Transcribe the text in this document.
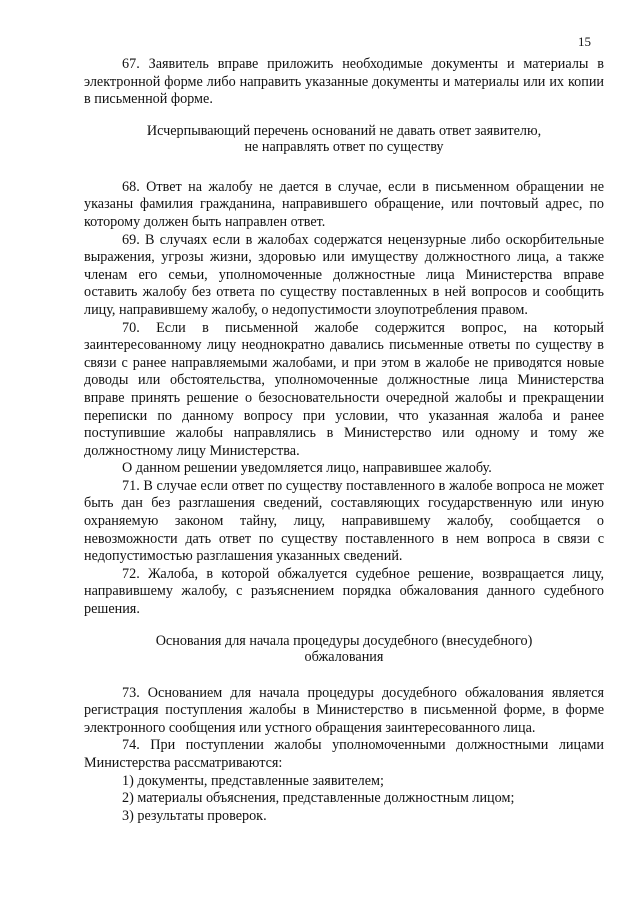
15

67. Заявитель вправе приложить необходимые документы и материалы в электронной форме либо направить указанные документы и материалы или их копии в письменной форме.

Исчерпывающий перечень оснований не давать ответ заявителю,
не направлять ответ по существу

68. Ответ на жалобу не дается в случае, если в письменном обращении не указаны фамилия гражданина, направившего обращение, или почтовый адрес, по которому должен быть направлен ответ.

69. В случаях если в жалобах содержатся нецензурные либо оскорбительные выражения, угрозы жизни, здоровью или имуществу должностного лица, а также членам его семьи, уполномоченные должностные лица Министерства вправе оставить жалобу без ответа по существу поставленных в ней вопросов и сообщить лицу, направившему жалобу, о недопустимости злоупотребления правом.

70. Если в письменной жалобе содержится вопрос, на который заинтересованному лицу неоднократно давались письменные ответы по существу в связи с ранее направляемыми жалобами, и при этом в жалобе не приводятся новые доводы или обстоятельства, уполномоченные должностные лица Министерства вправе принять решение о безосновательности очередной жалобы и прекращении переписки по данному вопросу при условии, что указанная жалоба и ранее поступившие жалобы направлялись в Министерство или одному и тому же должностному лицу Министерства.

О данном решении уведомляется лицо, направившее жалобу.

71. В случае если ответ по существу поставленного в жалобе вопроса не может быть дан без разглашения сведений, составляющих государственную или иную охраняемую законом тайну, лицу, направившему жалобу, сообщается о невозможности дать ответ по существу поставленного в нем вопроса в связи с недопустимостью разглашения указанных сведений.

72. Жалоба, в которой обжалуется судебное решение, возвращается лицу, направившему жалобу, с разъяснением порядка обжалования данного судебного решения.

Основания для начала процедуры досудебного (внесудебного)
обжалования

73. Основанием для начала процедуры досудебного обжалования является регистрация поступления жалобы в Министерство в письменной форме, в форме электронного сообщения или устного обращения заинтересованного лица.

74. При поступлении жалобы уполномоченными должностными лицами Министерства рассматриваются:

1) документы, представленные заявителем;

2) материалы объяснения, представленные должностным лицом;

3) результаты проверок.
